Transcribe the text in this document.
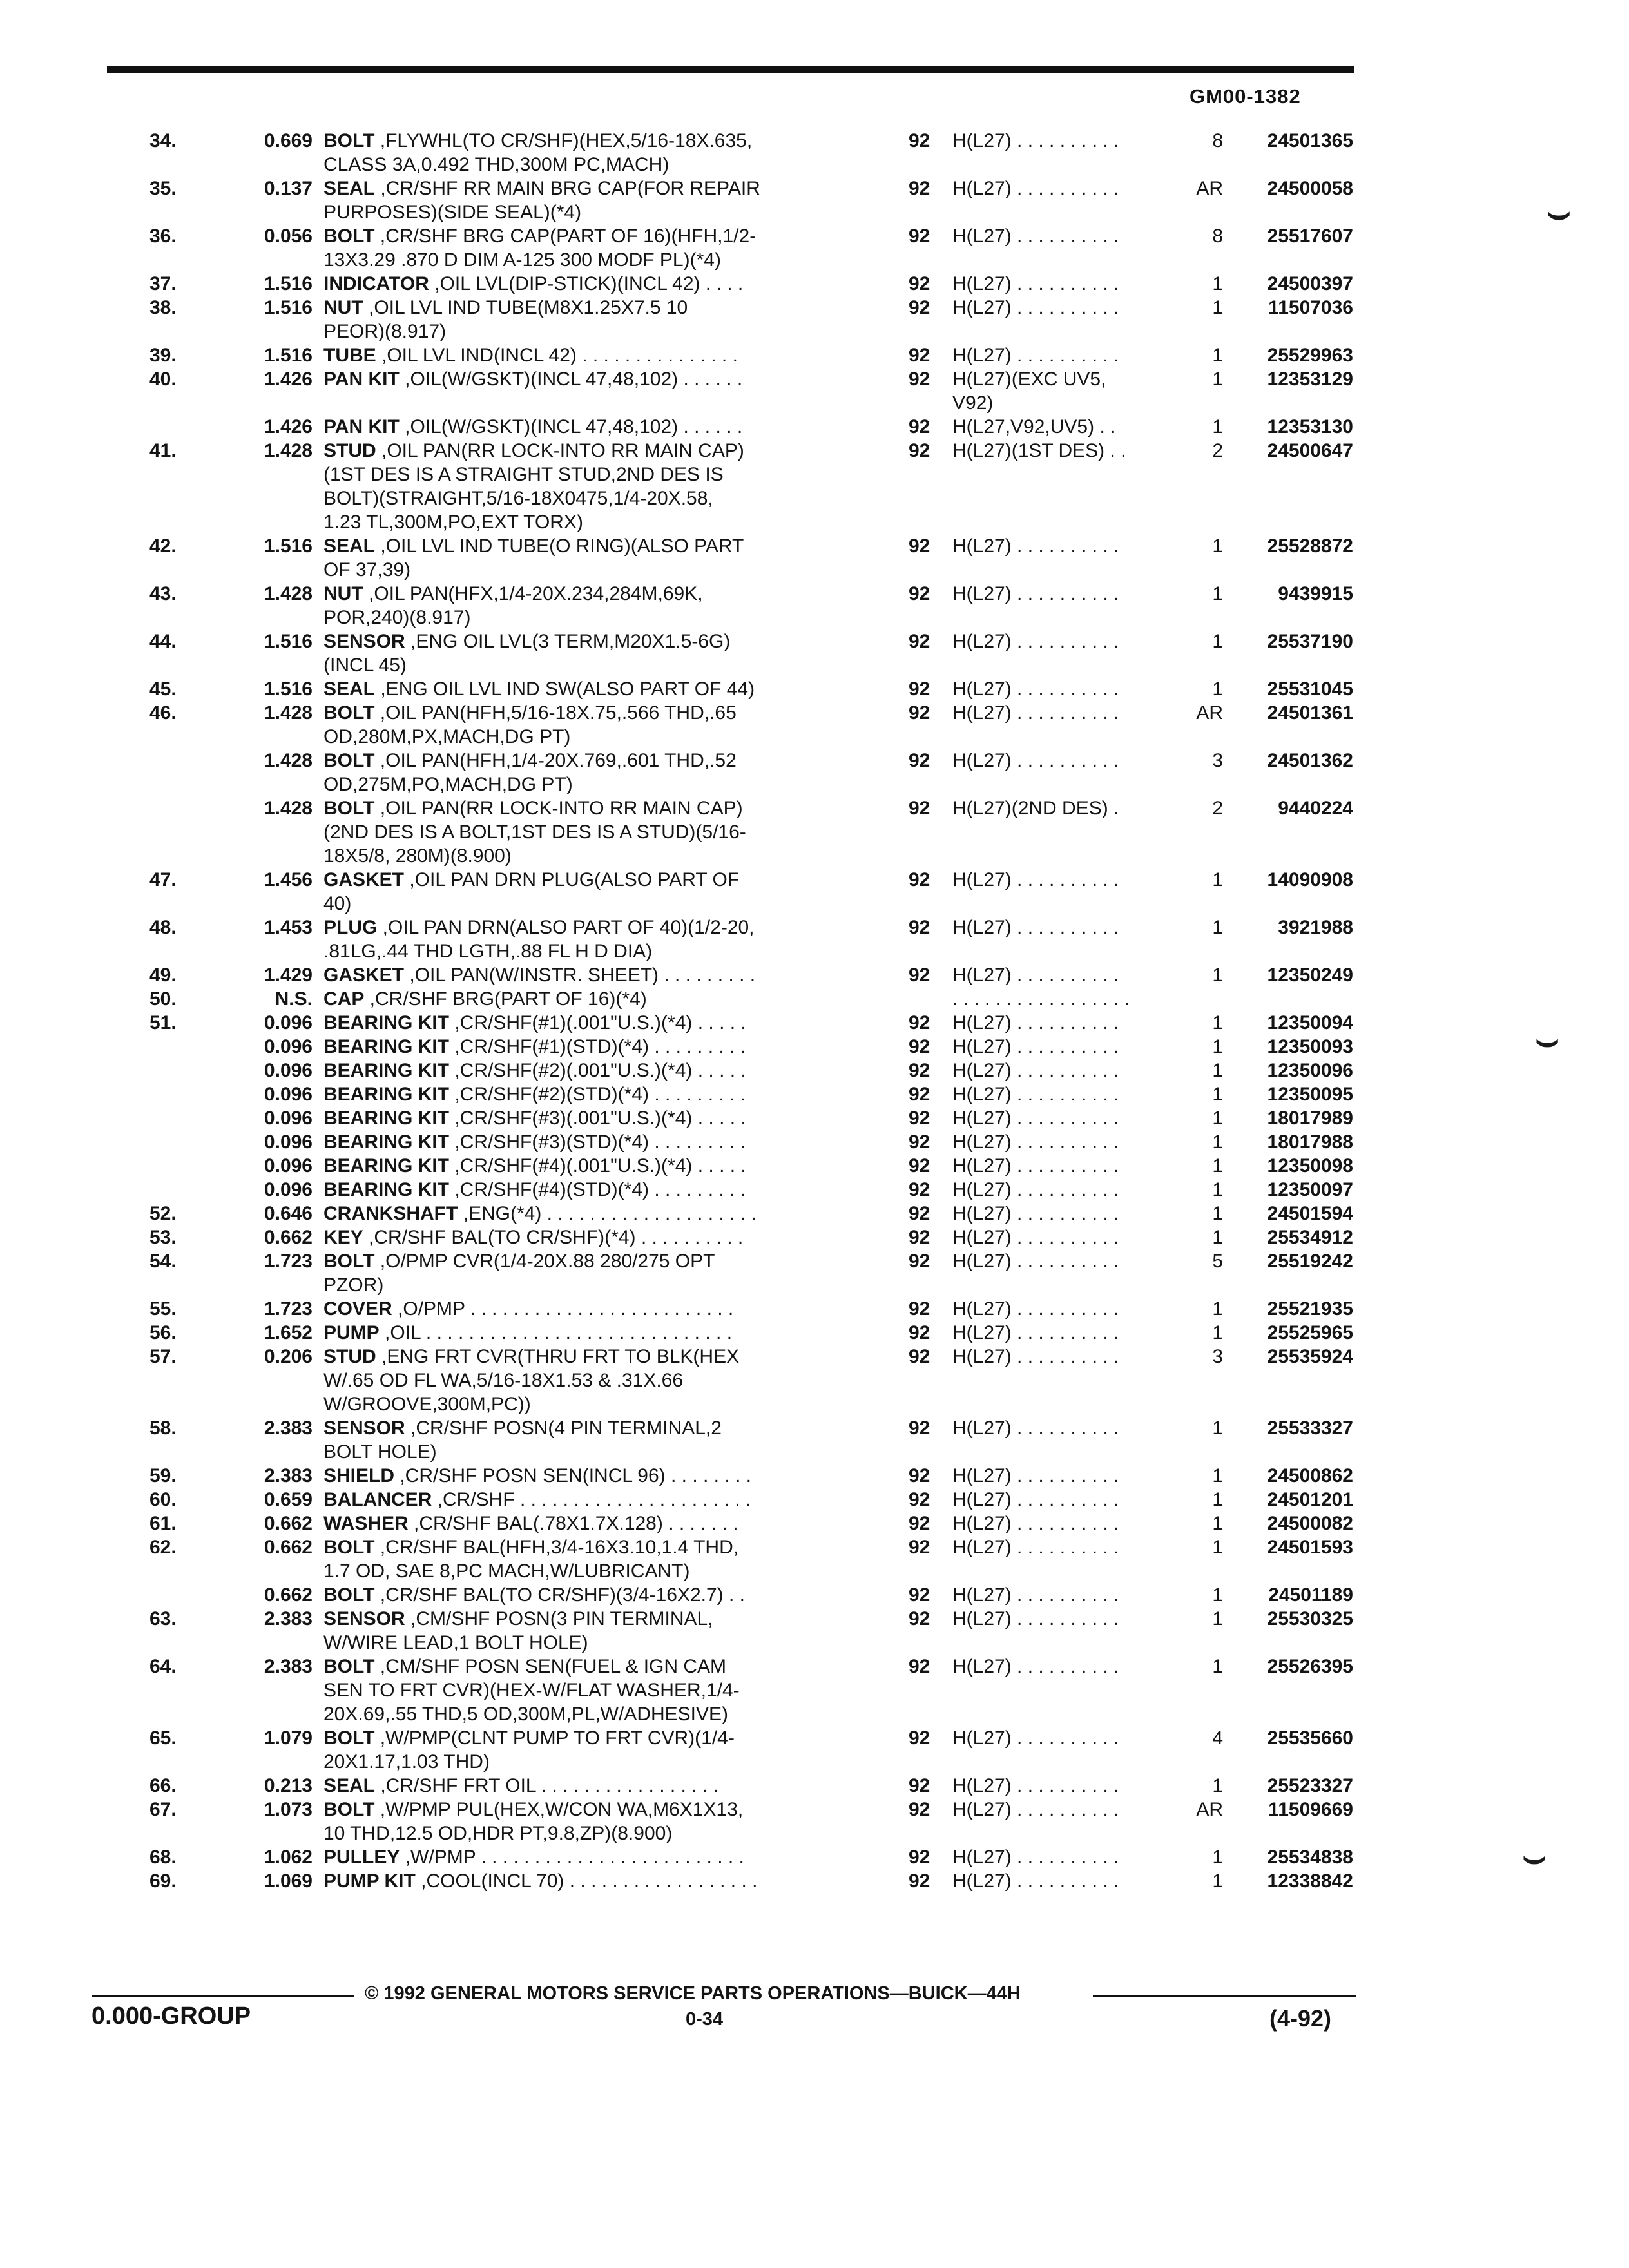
GM00-1382
34.	0.669 BOLT ,FLYWHL(TO CR/SHF)(HEX,5/16-18X.635,	92	H(L27) . . . . . . . . . .	8	24501365
CLASS 3A,0.492 THD,300M PC,MACH)
35.	0.137 SEAL ,CR/SHF RR MAIN BRG CAP(FOR REPAIR	92	H(L27) . . . . . . . . . .	AR	24500058
PURPOSES)(SIDE SEAL)(*4)
36.	0.056 BOLT ,CR/SHF BRG CAP(PART OF 16)(HFH,1/2-	92	H(L27) . . . . . . . . . .	8	25517607
13X3.29 .870 D DIM A-125 300 MODF PL)(*4)
37.	1.516 INDICATOR ,OIL LVL(DIP-STICK)(INCL 42) . . . .	92	H(L27) . . . . . . . . . .	1	24500397
38.	1.516 NUT ,OIL LVL IND TUBE(M8X1.25X7.5 10	92	H(L27) . . . . . . . . . .	1	11507036
PEOR)(8.917)
39.	1.516 TUBE ,OIL LVL IND(INCL 42) . . . . . . . . . . . . . . .	92	H(L27) . . . . . . . . . .	1	25529963
40.	1.426 PAN KIT ,OIL(W/GSKT)(INCL 47,48,102) . . . . . .	92	H(L27)(EXC UV5,	1	12353129
V92)
1.426 PAN KIT ,OIL(W/GSKT)(INCL 47,48,102) . . . . . .	92	H(L27,V92,UV5) . .	1	12353130
41.	1.428 STUD ,OIL PAN(RR LOCK-INTO RR MAIN CAP)	92	H(L27)(1ST DES) . .	2	24500647
(1ST DES IS A STRAIGHT STUD,2ND DES IS
BOLT)(STRAIGHT,5/16-18X0475,1/4-20X.58,
1.23 TL,300M,PO,EXT TORX)
42.	1.516 SEAL ,OIL LVL IND TUBE(O RING)(ALSO PART	92	H(L27) . . . . . . . . . .	1	25528872
OF 37,39)
43.	1.428 NUT ,OIL PAN(HFX,1/4-20X.234,284M,69K,	92	H(L27) . . . . . . . . . .	1	9439915
POR,240)(8.917)
44.	1.516 SENSOR ,ENG OIL LVL(3 TERM,M20X1.5-6G)	92	H(L27) . . . . . . . . . .	1	25537190
(INCL 45)
45.	1.516 SEAL ,ENG OIL LVL IND SW(ALSO PART OF 44)	92	H(L27) . . . . . . . . . .	1	25531045
46.	1.428 BOLT ,OIL PAN(HFH,5/16-18X.75,.566 THD,.65	92	H(L27) . . . . . . . . . .	AR	24501361
OD,280M,PX,MACH,DG PT)
1.428 BOLT ,OIL PAN(HFH,1/4-20X.769,.601 THD,.52	92	H(L27) . . . . . . . . . .	3	24501362
OD,275M,PO,MACH,DG PT)
1.428 BOLT ,OIL PAN(RR LOCK-INTO RR MAIN CAP)	92	H(L27)(2ND DES) .	2	9440224
(2ND DES IS A BOLT,1ST DES IS A STUD)(5/16-
18X5/8, 280M)(8.900)
47.	1.456 GASKET ,OIL PAN DRN PLUG(ALSO PART OF	92	H(L27) . . . . . . . . . .	1	14090908
40)
48.	1.453 PLUG ,OIL PAN DRN(ALSO PART OF 40)(1/2-20,	92	H(L27) . . . . . . . . . .	1	3921988
.81LG,.44 THD LGTH,.88 FL H D DIA)
49.	1.429 GASKET ,OIL PAN(W/INSTR. SHEET) . . . . . . . . .	92	H(L27) . . . . . . . . . .	1	12350249
50.	N.S. CAP ,CR/SHF BRG(PART OF 16)(*4)	. . . . . . . . . . . . . . . . .
51.	0.096 BEARING KIT ,CR/SHF(#1)(.001"U.S.)(*4) . . . . .	92	H(L27) . . . . . . . . . .	1	12350094
0.096 BEARING KIT ,CR/SHF(#1)(STD)(*4) . . . . . . . . .	92	H(L27) . . . . . . . . . .	1	12350093
0.096 BEARING KIT ,CR/SHF(#2)(.001"U.S.)(*4) . . . . .	92	H(L27) . . . . . . . . . .	1	12350096
0.096 BEARING KIT ,CR/SHF(#2)(STD)(*4) . . . . . . . . .	92	H(L27) . . . . . . . . . .	1	12350095
0.096 BEARING KIT ,CR/SHF(#3)(.001"U.S.)(*4) . . . . .	92	H(L27) . . . . . . . . . .	1	18017989
0.096 BEARING KIT ,CR/SHF(#3)(STD)(*4) . . . . . . . . .	92	H(L27) . . . . . . . . . .	1	18017988
0.096 BEARING KIT ,CR/SHF(#4)(.001"U.S.)(*4) . . . . .	92	H(L27) . . . . . . . . . .	1	12350098
0.096 BEARING KIT ,CR/SHF(#4)(STD)(*4) . . . . . . . . .	92	H(L27) . . . . . . . . . .	1	12350097
52.	0.646 CRANKSHAFT ,ENG(*4) . . . . . . . . . . . . . . . . . . . .	92	H(L27) . . . . . . . . . .	1	24501594
53.	0.662 KEY ,CR/SHF BAL(TO CR/SHF)(*4) . . . . . . . . . .	92	H(L27) . . . . . . . . . .	1	25534912
54.	1.723 BOLT ,O/PMP CVR(1/4-20X.88 280/275 OPT	92	H(L27) . . . . . . . . . .	5	25519242
PZOR)
55.	1.723 COVER ,O/PMP . . . . . . . . . . . . . . . . . . . . . . . . .	92	H(L27) . . . . . . . . . .	1	25521935
56.	1.652 PUMP ,OIL . . . . . . . . . . . . . . . . . . . . . . . . . . . . .	92	H(L27) . . . . . . . . . .	1	25525965
57.	0.206 STUD ,ENG FRT CVR(THRU FRT TO BLK(HEX	92	H(L27) . . . . . . . . . .	3	25535924
W/.65 OD FL WA,5/16-18X1.53 & .31X.66
W/GROOVE,300M,PC))
58.	2.383 SENSOR ,CR/SHF POSN(4 PIN TERMINAL,2	92	H(L27) . . . . . . . . . .	1	25533327
BOLT HOLE)
59.	2.383 SHIELD ,CR/SHF POSN SEN(INCL 96) . . . . . . . .	92	H(L27) . . . . . . . . . .	1	24500862
60.	0.659 BALANCER ,CR/SHF . . . . . . . . . . . . . . . . . . . . . .	92	H(L27) . . . . . . . . . .	1	24501201
61.	0.662 WASHER ,CR/SHF BAL(.78X1.7X.128) . . . . . . .	92	H(L27) . . . . . . . . . .	1	24500082
62.	0.662 BOLT ,CR/SHF BAL(HFH,3/4-16X3.10,1.4 THD,	92	H(L27) . . . . . . . . . .	1	24501593
1.7 OD, SAE 8,PC MACH,W/LUBRICANT)
0.662 BOLT ,CR/SHF BAL(TO CR/SHF)(3/4-16X2.7) . .	92	H(L27) . . . . . . . . . .	1	24501189
63.	2.383 SENSOR ,CM/SHF POSN(3 PIN TERMINAL,	92	H(L27) . . . . . . . . . .	1	25530325
W/WIRE LEAD,1 BOLT HOLE)
64.	2.383 BOLT ,CM/SHF POSN SEN(FUEL & IGN CAM	92	H(L27) . . . . . . . . . .	1	25526395
SEN TO FRT CVR)(HEX-W/FLAT WASHER,1/4-
20X.69,.55 THD,5 OD,300M,PL,W/ADHESIVE)
65.	1.079 BOLT ,W/PMP(CLNT PUMP TO FRT CVR)(1/4-	92	H(L27) . . . . . . . . . .	4	25535660
20X1.17,1.03 THD)
66.	0.213 SEAL ,CR/SHF FRT OIL . . . . . . . . . . . . . . . . .	92	H(L27) . . . . . . . . . .	1	25523327
67.	1.073 BOLT ,W/PMP PUL(HEX,W/CON WA,M6X1X13,	92	H(L27) . . . . . . . . . .	AR	11509669
10 THD,12.5 OD,HDR PT,9.8,ZP)(8.900)
68.	1.062 PULLEY ,W/PMP . . . . . . . . . . . . . . . . . . . . . . . . .	92	H(L27) . . . . . . . . . .	1	25534838
69.	1.069 PUMP KIT ,COOL(INCL 70) . . . . . . . . . . . . . . . . . .	92	H(L27) . . . . . . . . . .	1	12338842
© 1992 GENERAL MOTORS SERVICE PARTS OPERATIONS—BUICK—44H
0.000-GROUP	0-34	(4-92)
⌣
⌣
⌣
